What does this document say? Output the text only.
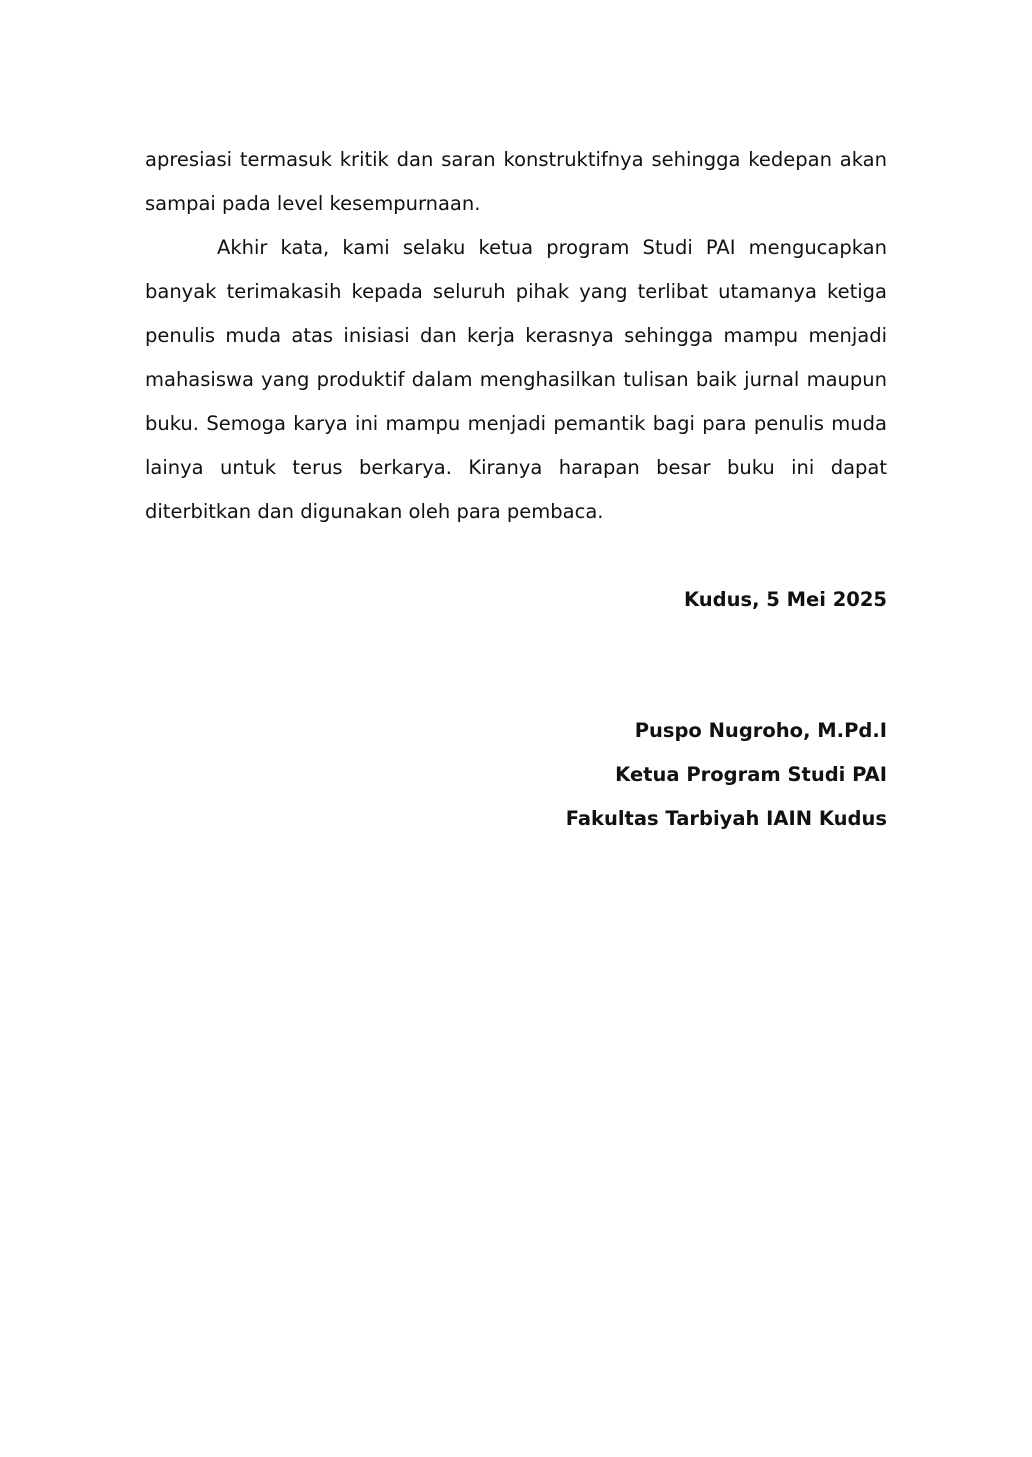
apresiasi termasuk kritik dan saran konstruktifnya sehingga kedepan akan sampai pada level kesempurnaan.

Akhir kata, kami selaku ketua program Studi PAI mengucapkan banyak terimakasih kepada seluruh pihak yang terlibat utamanya ketiga penulis muda atas inisiasi dan kerja kerasnya sehingga mampu menjadi mahasiswa yang produktif dalam menghasilkan tulisan baik jurnal maupun buku. Semoga karya ini mampu menjadi pemantik bagi para penulis muda lainya untuk terus berkarya. Kiranya harapan besar buku ini dapat diterbitkan dan digunakan oleh para pembaca.

Kudus, 5 Mei 2025
Puspo Nugroho, M.Pd.I
Ketua Program Studi PAI
Fakultas Tarbiyah IAIN Kudus
